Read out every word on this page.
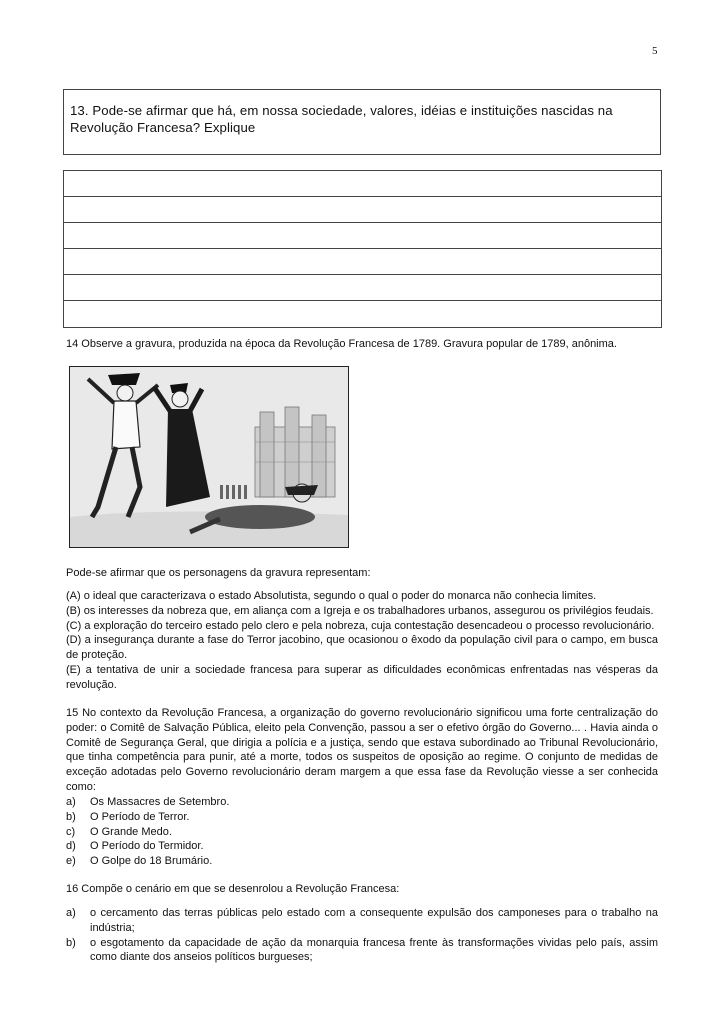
5

13. Pode-se afirmar que há, em nossa sociedade, valores, idéias e instituições nascidas na Revolução Francesa? Explique

14 Observe a gravura, produzida na época da Revolução Francesa de 1789. Gravura popular de 1789, anônima.
Pode-se afirmar que os personagens da gravura representam:
(A) o ideal que caracterizava o estado Absolutista, segundo o qual o poder do monarca não conhecia limites.
(B) os interesses da nobreza que, em aliança com a Igreja e os trabalhadores urbanos, assegurou os privilégios feudais.
(C) a exploração do terceiro estado pelo clero e pela nobreza, cuja contestação desencadeou o processo revolucionário.
(D) a insegurança durante a fase do Terror jacobino, que ocasionou o êxodo da população civil para o campo, em busca de proteção.
(E) a tentativa de unir a sociedade francesa para superar as dificuldades econômicas enfrentadas nas vésperas da revolução.
15 No contexto da Revolução Francesa, a organização do governo revolucionário significou uma forte centralização do poder: o Comitê de Salvação Pública, eleito pela Convenção, passou a ser o efetivo órgão do Governo... . Havia ainda o Comitê de Segurança Geral, que dirigia a polícia e a justiça, sendo que estava subordinado ao Tribunal Revolucionário, que tinha competência para punir, até a morte, todos os suspeitos de oposição ao regime. O conjunto de medidas de exceção adotadas pelo Governo revolucionário deram margem a que essa fase da Revolução viesse a ser conhecida como:
a)	Os Massacres de Setembro.
b)	O Período de Terror.
c)	O Grande Medo.
d)	O Período do Termidor.
e)	O Golpe do 18 Brumário.
16 Compõe o cenário em que se desenrolou a Revolução Francesa:
a)	o cercamento das terras públicas pelo estado com a consequente expulsão dos camponeses para o trabalho na indústria;
b)	o esgotamento da capacidade de ação da monarquia francesa frente às transformações vividas pelo país, assim como diante dos anseios políticos burgueses;
